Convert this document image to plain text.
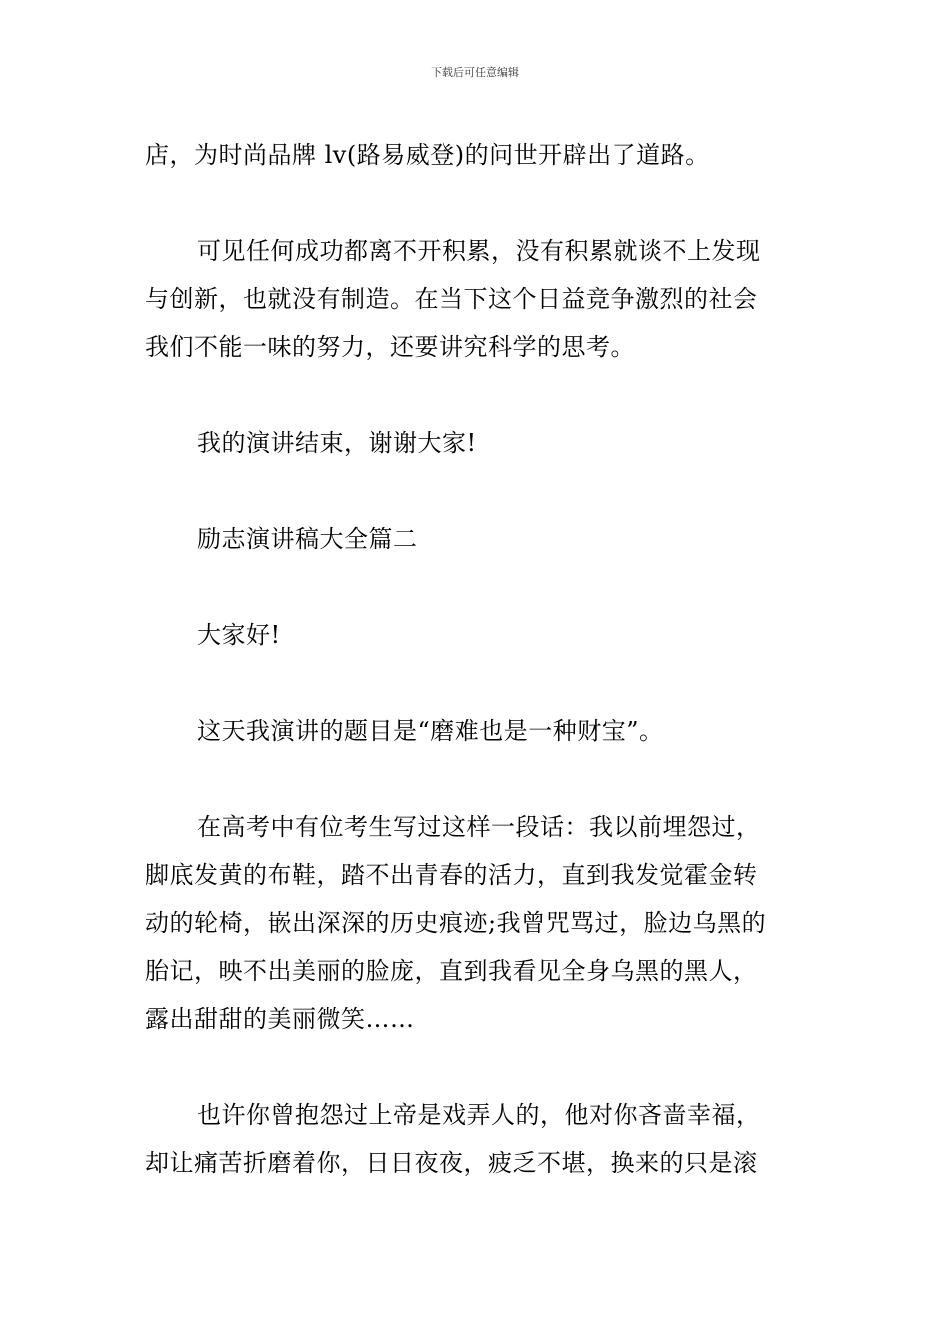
下载后可任意编辑

店，为时尚品牌 lv(路易威登)的问世开辟出了道路。

可见任何成功都离不开积累，没有积累就谈不上发现
与创新，也就没有制造。在当下这个日益竞争激烈的社会
我们不能一味的努力，还要讲究科学的思考。

我的演讲结束，谢谢大家!

励志演讲稿大全篇二

大家好!

这天我演讲的题目是“磨难也是一种财宝”。

在高考中有位考生写过这样一段话：我以前埋怨过，
脚底发黄的布鞋，踏不出青春的活力，直到我发觉霍金转
动的轮椅，嵌出深深的历史痕迹;我曾咒骂过，脸边乌黑的
胎记，映不出美丽的脸庞，直到我看见全身乌黑的黑人，
露出甜甜的美丽微笑……

也许你曾抱怨过上帝是戏弄人的，他对你吝啬幸福，
却让痛苦折磨着你，日日夜夜，疲乏不堪，换来的只是滚
